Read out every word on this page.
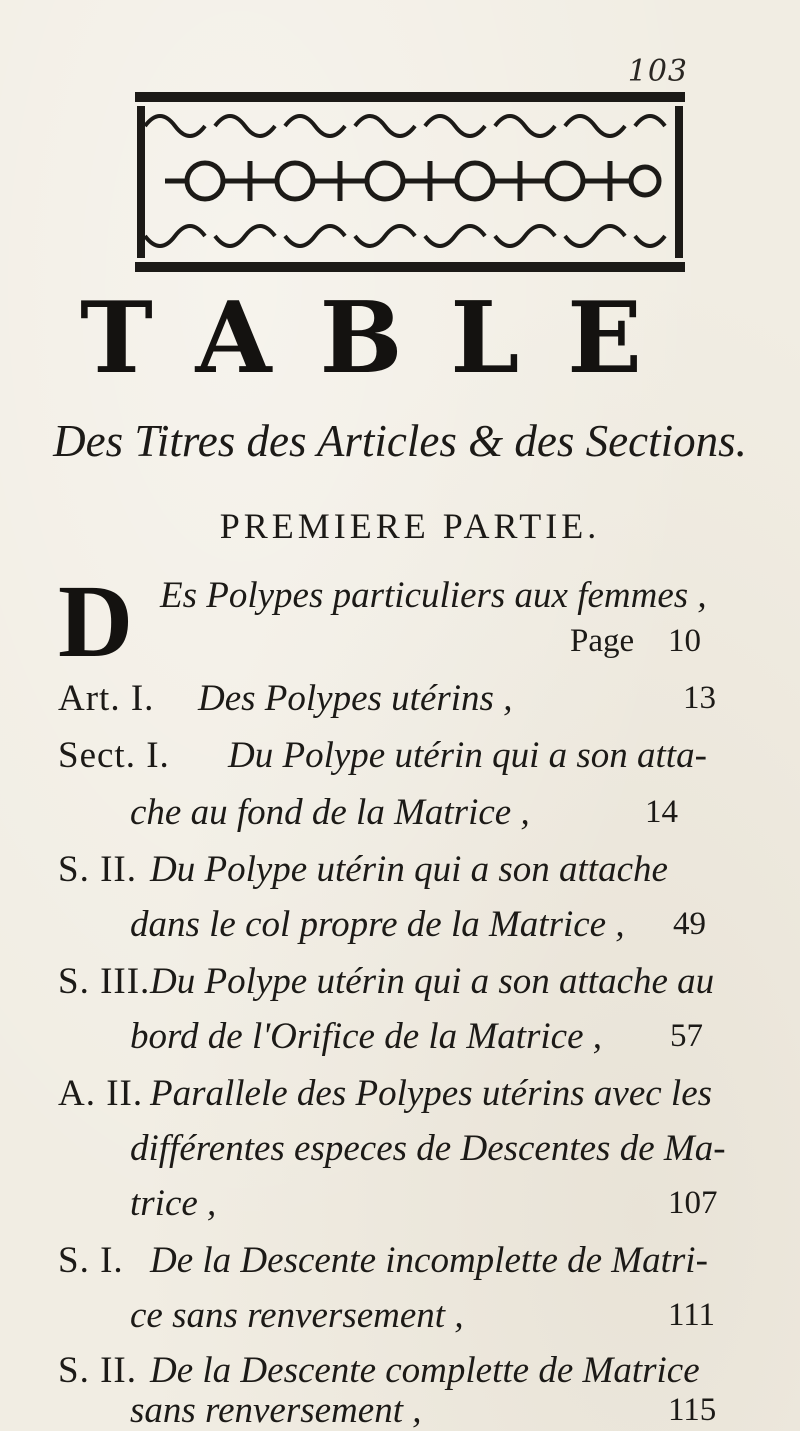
103
TABLE
Des Titres des Articles & des Sections.
PREMIERE PARTIE.
D Es Polypes particuliers aux femmes ,
Page 10
Art. I. Des Polypes utérins ,	13
Sect. I. Du Polype utérin qui a son atta-
che au fond de la Matrice ,	14
S. II. Du Polype utérin qui a son attache
dans le col propre de la Matrice , 49
S. III. Du Polype utérin qui a son attache au
bord de l'Orifice de la Matrice , 57
A. II. Parallele des Polypes utérins avec les
différentes especes de Descentes de Ma-
trice ,	107
S. I. De la Descente incomplette de Matri-
ce sans renversement ,	111
S. II. De la Descente complette de Matrice
sans renversement ,	115
